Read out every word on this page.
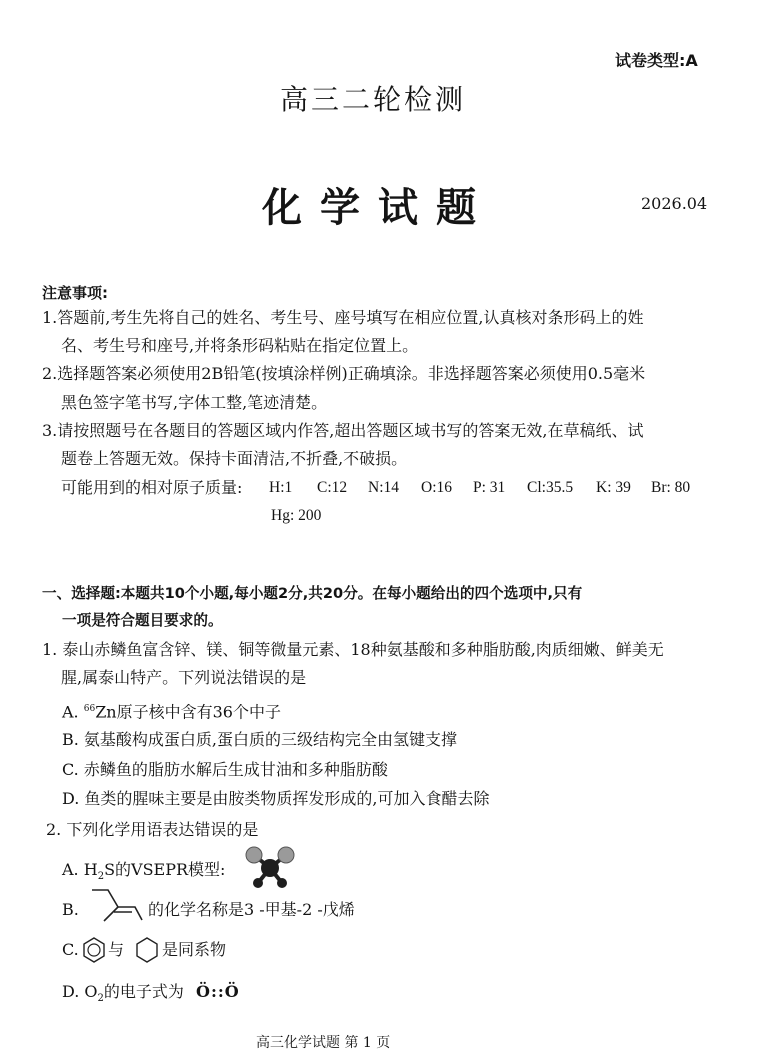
试卷类型:A
高三二轮检测
化学试题	2026.04
注意事项:
1.答题前,考生先将自己的姓名、考生号、座号填写在相应位置,认真核对条形码上的姓
名、考生号和座号,并将条形码粘贴在指定位置上。
2.选择题答案必须使用2B铅笔(按填涂样例)正确填涂。非选择题答案必须使用0.5毫米
黑色签字笔书写,字体工整,笔迹清楚。
3.请按照题号在各题目的答题区域内作答,超出答题区域书写的答案无效,在草稿纸、试
题卷上答题无效。保持卡面清洁,不折叠,不破损。
可能用到的相对原子质量: H:1 C:12 N:14 O:16 P: 31 Cl:35.5 K: 39 Br: 80
Hg: 200
一、选择题:本题共10个小题,每小题2分,共20分。在每小题给出的四个选项中,只有
一项是符合题目要求的。
1. 泰山赤鳞鱼富含锌、镁、铜等微量元素、18种氨基酸和多种脂肪酸,肉质细嫩、鲜美无
腥,属泰山特产。下列说法错误的是
A. $^{66}$Zn原子核中含有36个中子
B. 氨基酸构成蛋白质,蛋白质的三级结构完全由氢键支撑
C. 赤鳞鱼的脂肪水解后生成甘油和多种脂肪酸
D. 鱼类的腥味主要是由胺类物质挥发形成的,可加入食醋去除
2. 下列化学用语表达错误的是
A. $H_2S$的VSEPR模型:
B.	的化学名称是3 -甲基-2 -戊烯
C. 与 是同系物
D. $O_2$的电子式为 Ö::Ö
高三化学试题 第 1 页
